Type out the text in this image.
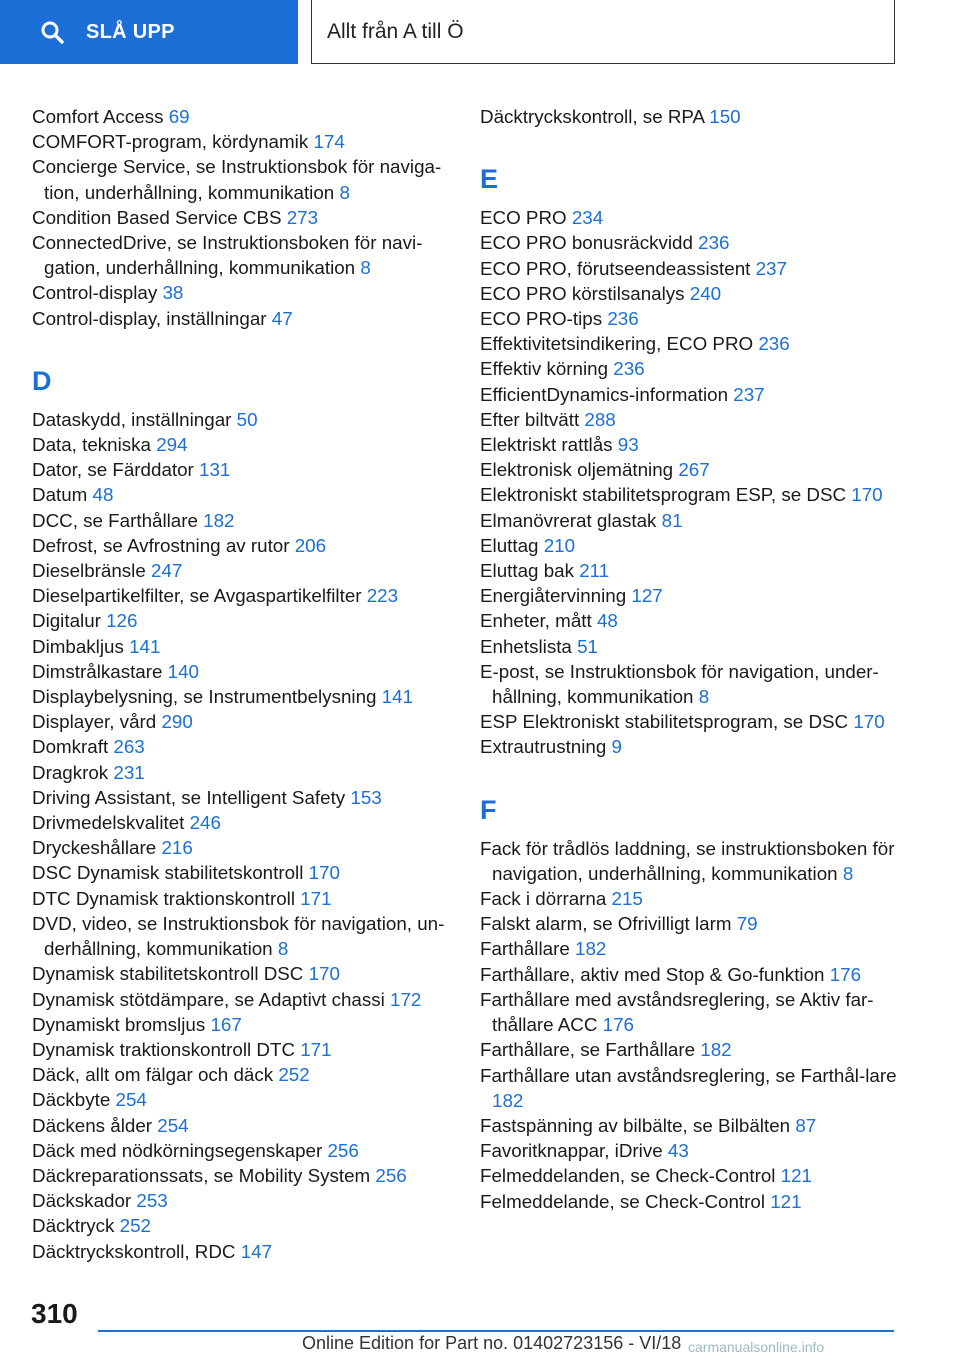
SLÅ UPP	Allt från A till Ö
Comfort Access 69
COMFORT-program, kördynamik 174
Concierge Service, se Instruktionsbok för naviga-tion, underhållning, kommunikation 8
Condition Based Service CBS 273
ConnectedDrive, se Instruktionsboken för navi-gation, underhållning, kommunikation 8
Control-display 38
Control-display, inställningar 47
D
Dataskydd, inställningar 50
Data, tekniska 294
Dator, se Färddator 131
Datum 48
DCC, se Farthållare 182
Defrost, se Avfrostning av rutor 206
Dieselbränsle 247
Dieselpartikelfilter, se Avgaspartikelfilter 223
Digitalur 126
Dimbakljus 141
Dimstrålkastare 140
Displaybelysning, se Instrumentbelysning 141
Displayer, vård 290
Domkraft 263
Dragkrok 231
Driving Assistant, se Intelligent Safety 153
Drivmedelskvalitet 246
Dryckeshållare 216
DSC Dynamisk stabilitetskontroll 170
DTC Dynamisk traktionskontroll 171
DVD, video, se Instruktionsbok för navigation, un-derhållning, kommunikation 8
Dynamisk stabilitetskontroll DSC 170
Dynamisk stötdämpare, se Adaptivt chassi 172
Dynamiskt bromsljus 167
Dynamisk traktionskontroll DTC 171
Däck, allt om fälgar och däck 252
Däckbyte 254
Däckens ålder 254
Däck med nödkörningsegenskaper 256
Däckreparationssats, se Mobility System 256
Däckskador 253
Däcktryck 252
Däcktryckskontroll, RDC 147
Däcktryckskontroll, se RPA 150
E
ECO PRO 234
ECO PRO bonusräckvidd 236
ECO PRO, förutseendeassistent 237
ECO PRO körstilsanalys 240
ECO PRO-tips 236
Effektivitetsindikering, ECO PRO 236
Effektiv körning 236
EfficientDynamics-information 237
Efter biltvätt 288
Elektriskt rattlås 93
Elektronisk oljemätning 267
Elektroniskt stabilitetsprogram ESP, se DSC 170
Elmanövrerat glastak 81
Eluttag 210
Eluttag bak 211
Energiåtervinning 127
Enheter, mått 48
Enhetslista 51
E-post, se Instruktionsbok för navigation, under-hållning, kommunikation 8
ESP Elektroniskt stabilitetsprogram, se DSC 170
Extrautrustning 9
F
Fack för trådlös laddning, se instruktionsboken för navigation, underhållning, kommunikation 8
Fack i dörrarna 215
Falskt alarm, se Ofrivilligt larm 79
Farthållare 182
Farthållare, aktiv med Stop & Go-funktion 176
Farthållare med avståndsreglering, se Aktiv far-thållare ACC 176
Farthållare, se Farthållare 182
Farthållare utan avståndsreglering, se Farthål-lare 182
Fastspänning av bilbälte, se Bilbälten 87
Favoritknappar, iDrive 43
Felmeddelanden, se Check-Control 121
Felmeddelande, se Check-Control 121
310
Online Edition for Part no. 01402723156 - VI/18 carmanualsonline.info
